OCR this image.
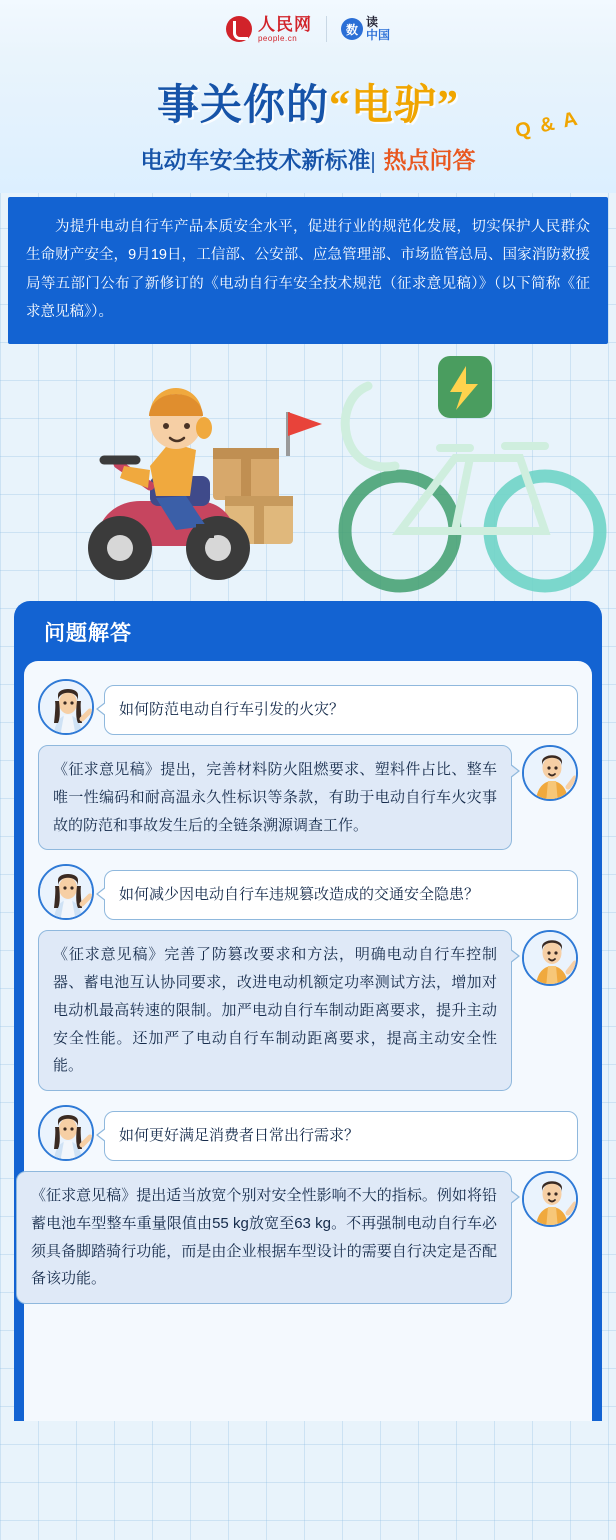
人民网
people.cn
数
读
中国
事关你的“电驴”
电动车安全技术新标准| 热点问答
Q & A
为提升电动自行车产品本质安全水平，促进行业的规范化发展，切实保护人民群众生命财产安全，9月19日，工信部、公安部、应急管理部、市场监管总局、国家消防救援局等五部门公布了新修订的《电动自行车安全技术规范（征求意见稿）》（以下简称《征求意见稿》）。
问题解答
如何防范电动自行车引发的火灾？
《征求意见稿》提出，完善材料防火阻燃要求、塑料件占比、整车唯一性编码和耐高温永久性标识等条款，有助于电动自行车火灾事故的防范和事故发生后的全链条溯源调查工作。
如何减少因电动自行车违规篡改造成的交通安全隐患？
《征求意见稿》完善了防篡改要求和方法，明确电动自行车控制器、蓄电池互认协同要求，改进电动机额定功率测试方法，增加对电动机最高转速的限制。加严电动自行车制动距离要求，提升主动安全性能。还加严了电动自行车制动距离要求，提高主动安全性能。
如何更好满足消费者日常出行需求？
《征求意见稿》提出适当放宽个别对安全性影响不大的指标。例如将铅蓄电池车型整车重量限值由55 kg放宽至63 kg。不再强制电动自行车必须具备脚踏骑行功能，而是由企业根据车型设计的需要自行决定是否配备该功能。
